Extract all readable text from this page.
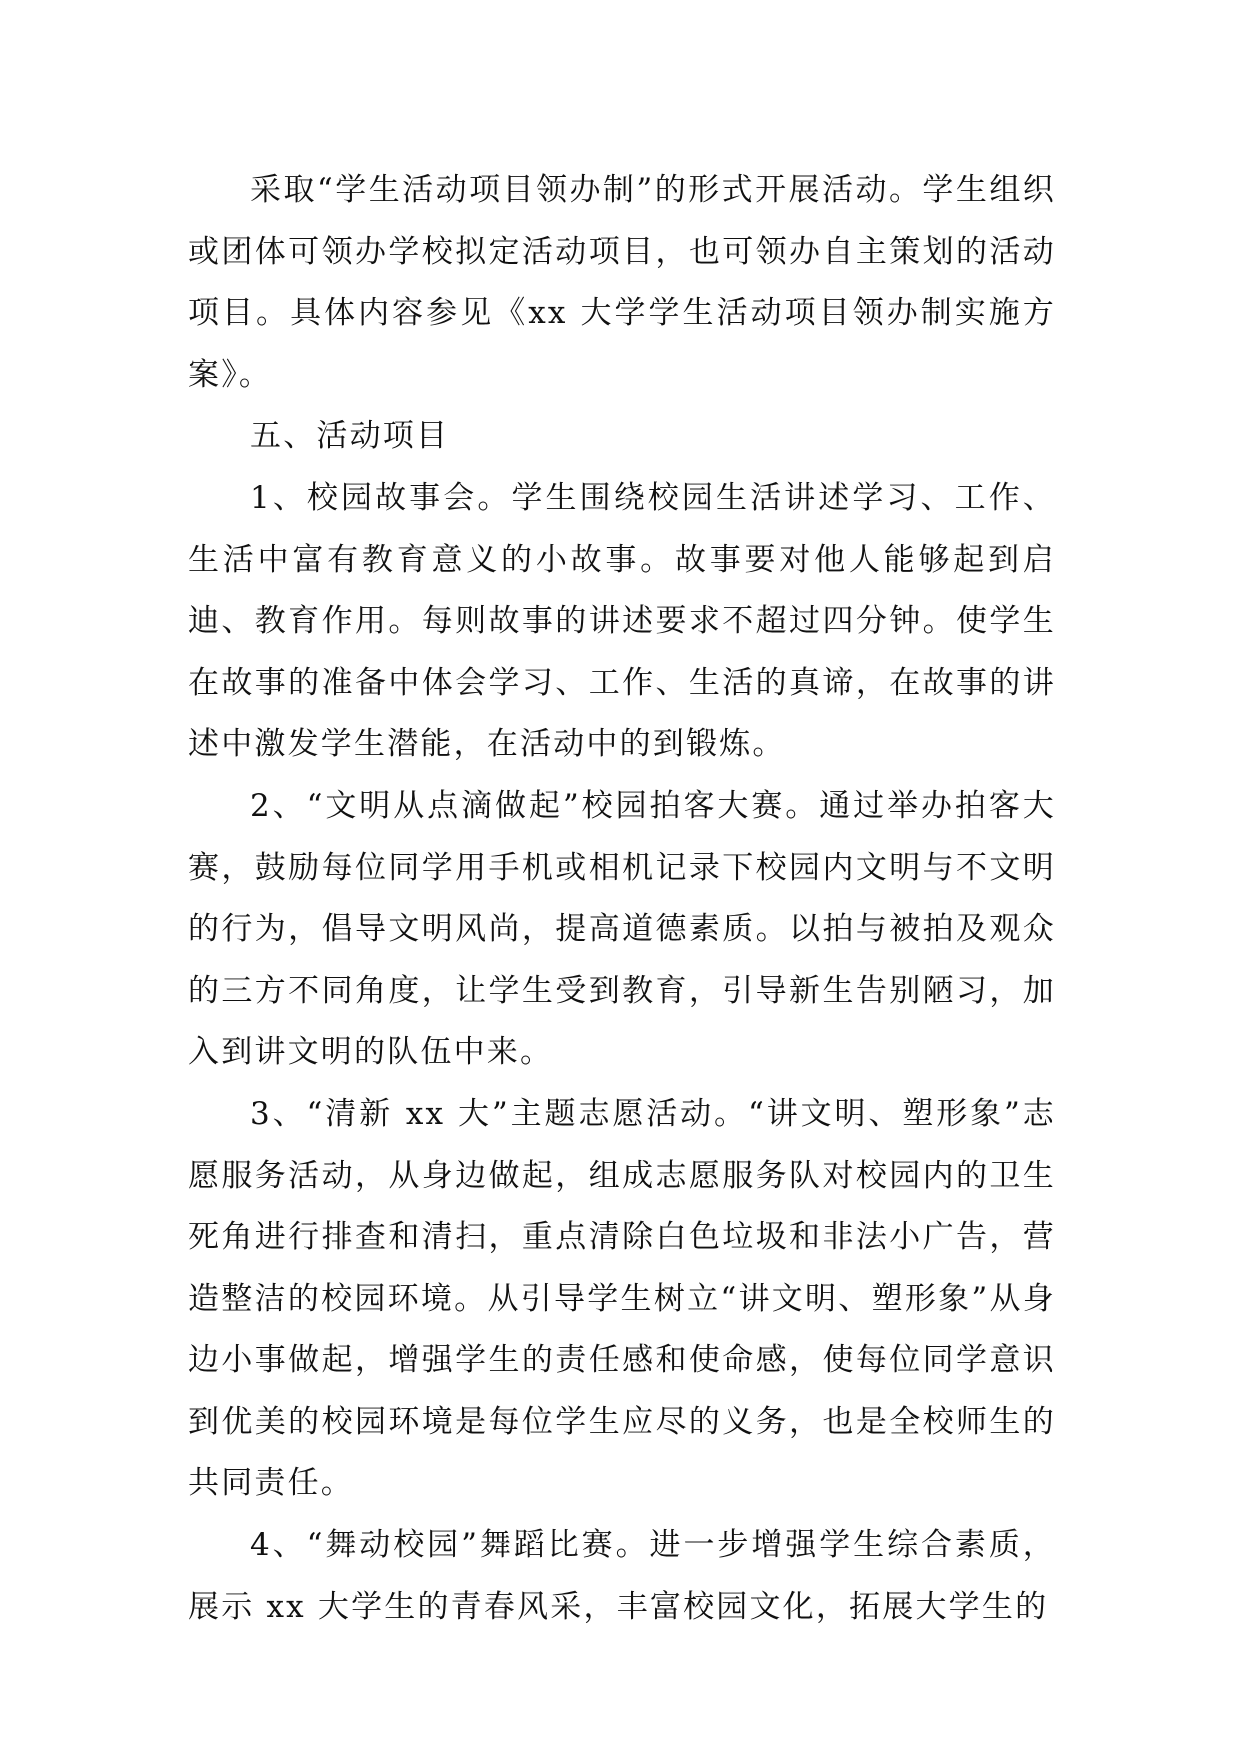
采取“学生活动项目领办制”的形式开展活动。学生组织或团体可领办学校拟定活动项目，也可领办自主策划的活动项目。具体内容参见《xx 大学学生活动项目领办制实施方案》。

五、活动项目

1、校园故事会。学生围绕校园生活讲述学习、工作、生活中富有教育意义的小故事。故事要对他人能够起到启迪、教育作用。每则故事的讲述要求不超过四分钟。使学生在故事的准备中体会学习、工作、生活的真谛，在故事的讲述中激发学生潜能，在活动中的到锻炼。

2、“文明从点滴做起”校园拍客大赛。通过举办拍客大赛，鼓励每位同学用手机或相机记录下校园内文明与不文明的行为，倡导文明风尚，提高道德素质。以拍与被拍及观众的三方不同角度，让学生受到教育，引导新生告别陋习，加入到讲文明的队伍中来。

3、“清新 xx 大”主题志愿活动。“讲文明、塑形象”志愿服务活动，从身边做起，组成志愿服务队对校园内的卫生死角进行排查和清扫，重点清除白色垃圾和非法小广告，营造整洁的校园环境。从引导学生树立“讲文明、塑形象”从身边小事做起，增强学生的责任感和使命感，使每位同学意识到优美的校园环境是每位学生应尽的义务，也是全校师生的共同责任。

4、“舞动校园”舞蹈比赛。进一步增强学生综合素质，展示 xx 大学生的青春风采，丰富校园文化，拓展大学生的
